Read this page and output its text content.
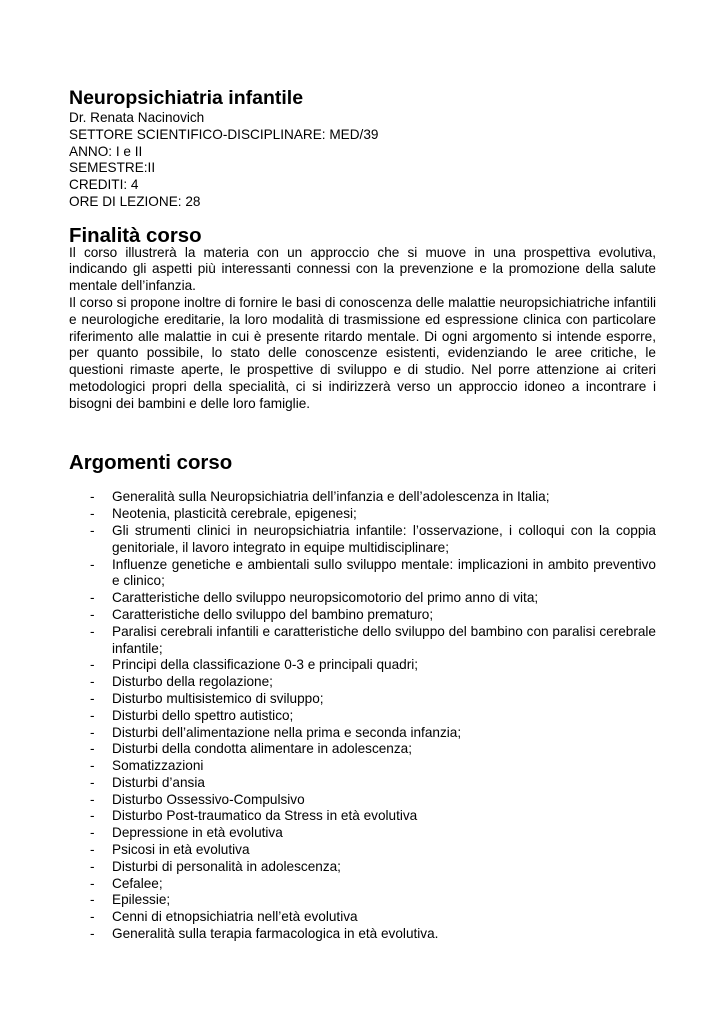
Neuropsichiatria infantile

Dr. Renata Nacinovich

SETTORE SCIENTIFICO-DISCIPLINARE: MED/39

ANNO: I e II

SEMESTRE:II

CREDITI: 4

ORE DI LEZIONE: 28

Finalità corso

Il corso illustrerà la materia con un approccio che si muove in una prospettiva evolutiva, indicando gli aspetti più interessanti connessi con la prevenzione e la promozione della salute mentale dell’infanzia.

Il corso si propone inoltre di fornire le basi di conoscenza delle malattie neuropsichiatriche infantili e neurologiche ereditarie, la loro modalità di trasmissione ed espressione clinica con particolare riferimento alle malattie in cui è presente ritardo mentale. Di ogni argomento si intende esporre, per quanto possibile, lo stato delle conoscenze esistenti, evidenziando le aree critiche, le questioni rimaste aperte, le prospettive di sviluppo e di studio. Nel porre attenzione ai criteri metodologici propri della specialità, ci si indirizzerà verso un approccio idoneo a incontrare i bisogni dei bambini e delle loro famiglie.

Argomenti corso
- Generalità sulla Neuropsichiatria dell’infanzia e dell’adolescenza in Italia;
- Neotenia, plasticità cerebrale, epigenesi;
- Gli strumenti clinici in neuropsichiatria infantile: l’osservazione, i colloqui con la coppia genitoriale, il lavoro integrato in equipe multidisciplinare;
- Influenze genetiche e ambientali sullo sviluppo mentale: implicazioni in ambito preventivo e clinico;
- Caratteristiche dello sviluppo neuropsicomotorio del primo anno di vita;
- Caratteristiche dello sviluppo del bambino prematuro;
- Paralisi cerebrali infantili e caratteristiche dello sviluppo del bambino con paralisi cerebrale infantile;
- Principi della classificazione 0-3 e principali quadri;
- Disturbo della regolazione;
- Disturbo multisistemico di sviluppo;
- Disturbi dello spettro autistico;
- Disturbi dell’alimentazione nella prima e seconda infanzia;
- Disturbi della condotta alimentare in adolescenza;
- Somatizzazioni
- Disturbi d’ansia
- Disturbo Ossessivo-Compulsivo
- Disturbo Post-traumatico da Stress in età evolutiva
- Depressione in età evolutiva
- Psicosi in età evolutiva
- Disturbi di personalità in adolescenza;
- Cefalee;
- Epilessie;
- Cenni di etnopsichiatria nell’età evolutiva
- Generalità sulla terapia farmacologica in età evolutiva.
